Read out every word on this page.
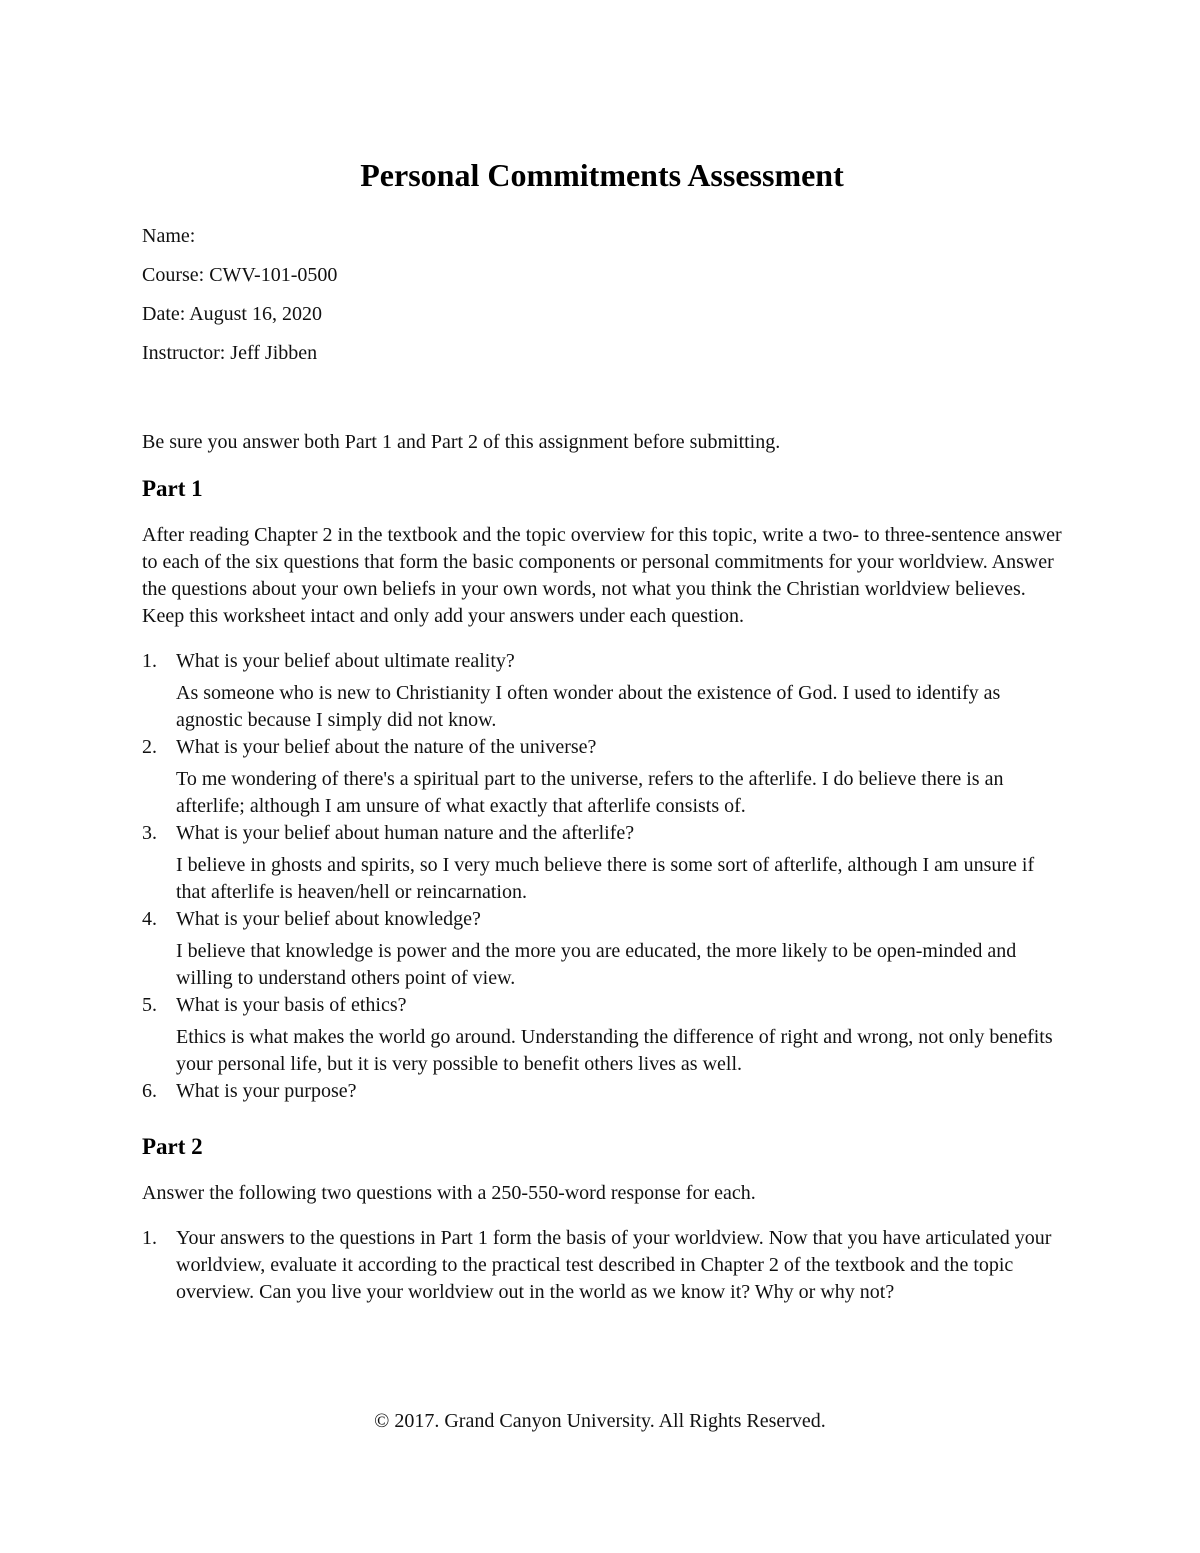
Personal Commitments Assessment

Name:

Course: CWV-101-0500

Date: August 16, 2020

Instructor: Jeff Jibben

Be sure you answer both Part 1 and Part 2 of this assignment before submitting.

Part 1

After reading Chapter 2 in the textbook and the topic overview for this topic, write a two- to three-sentence answer to each of the six questions that form the basic components or personal commitments for your worldview. Answer the questions about your own beliefs in your own words, not what you think the Christian worldview believes. Keep this worksheet intact and only add your answers under each question.

1. What is your belief about ultimate reality?

As someone who is new to Christianity I often wonder about the existence of God. I used to identify as agnostic because I simply did not know.

2. What is your belief about the nature of the universe?

To me wondering of there's a spiritual part to the universe, refers to the afterlife. I do believe there is an afterlife; although I am unsure of what exactly that afterlife consists of.

3. What is your belief about human nature and the afterlife?

I believe in ghosts and spirits, so I very much believe there is some sort of afterlife, although I am unsure if that afterlife is heaven/hell or reincarnation.

4. What is your belief about knowledge?

I believe that knowledge is power and the more you are educated, the more likely to be open-minded and willing to understand others point of view.

5. What is your basis of ethics?

Ethics is what makes the world go around. Understanding the difference of right and wrong, not only benefits your personal life, but it is very possible to benefit others lives as well.

6. What is your purpose?

Part 2

Answer the following two questions with a 250-550-word response for each.

1. Your answers to the questions in Part 1 form the basis of your worldview. Now that you have articulated your worldview, evaluate it according to the practical test described in Chapter 2 of the textbook and the topic overview. Can you live your worldview out in the world as we know it? Why or why not?

© 2017. Grand Canyon University. All Rights Reserved.
